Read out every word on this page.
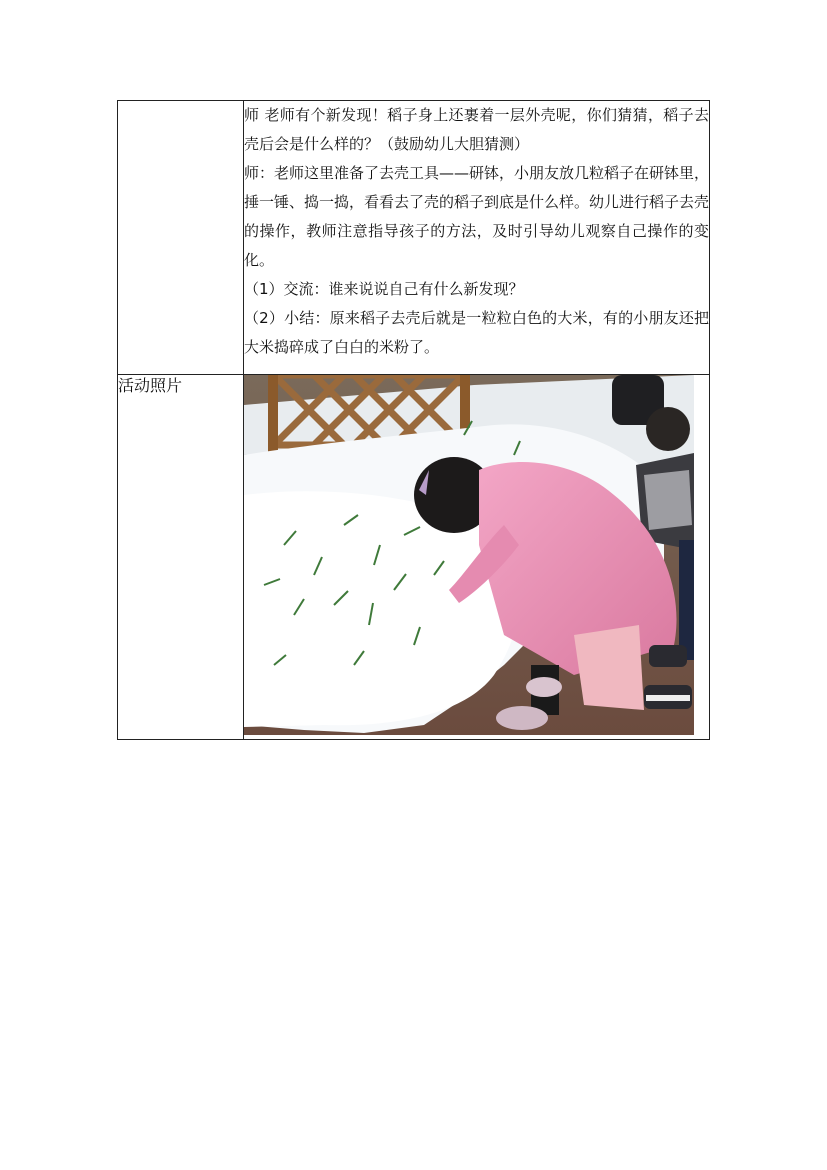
	师 老师有个新发现！稻子身上还裹着一层外壳呢，你们猜猜，稻子去壳后会是什么样的？（鼓励幼儿大胆猜测）

师：老师这里准备了去壳工具——研钵，小朋友放几粒稻子在研钵里，捶一锤、捣一捣，看看去了壳的稻子到底是什么样。幼儿进行稻子去壳的操作，教师注意指导孩子的方法，及时引导幼儿观察自己操作的变化。

（1）交流：谁来说说自己有什么新发现？

（2）小结：原来稻子去壳后就是一粒粒白色的大米，有的小朋友还把大米捣碎成了白白的米粉了。

活动照片	
